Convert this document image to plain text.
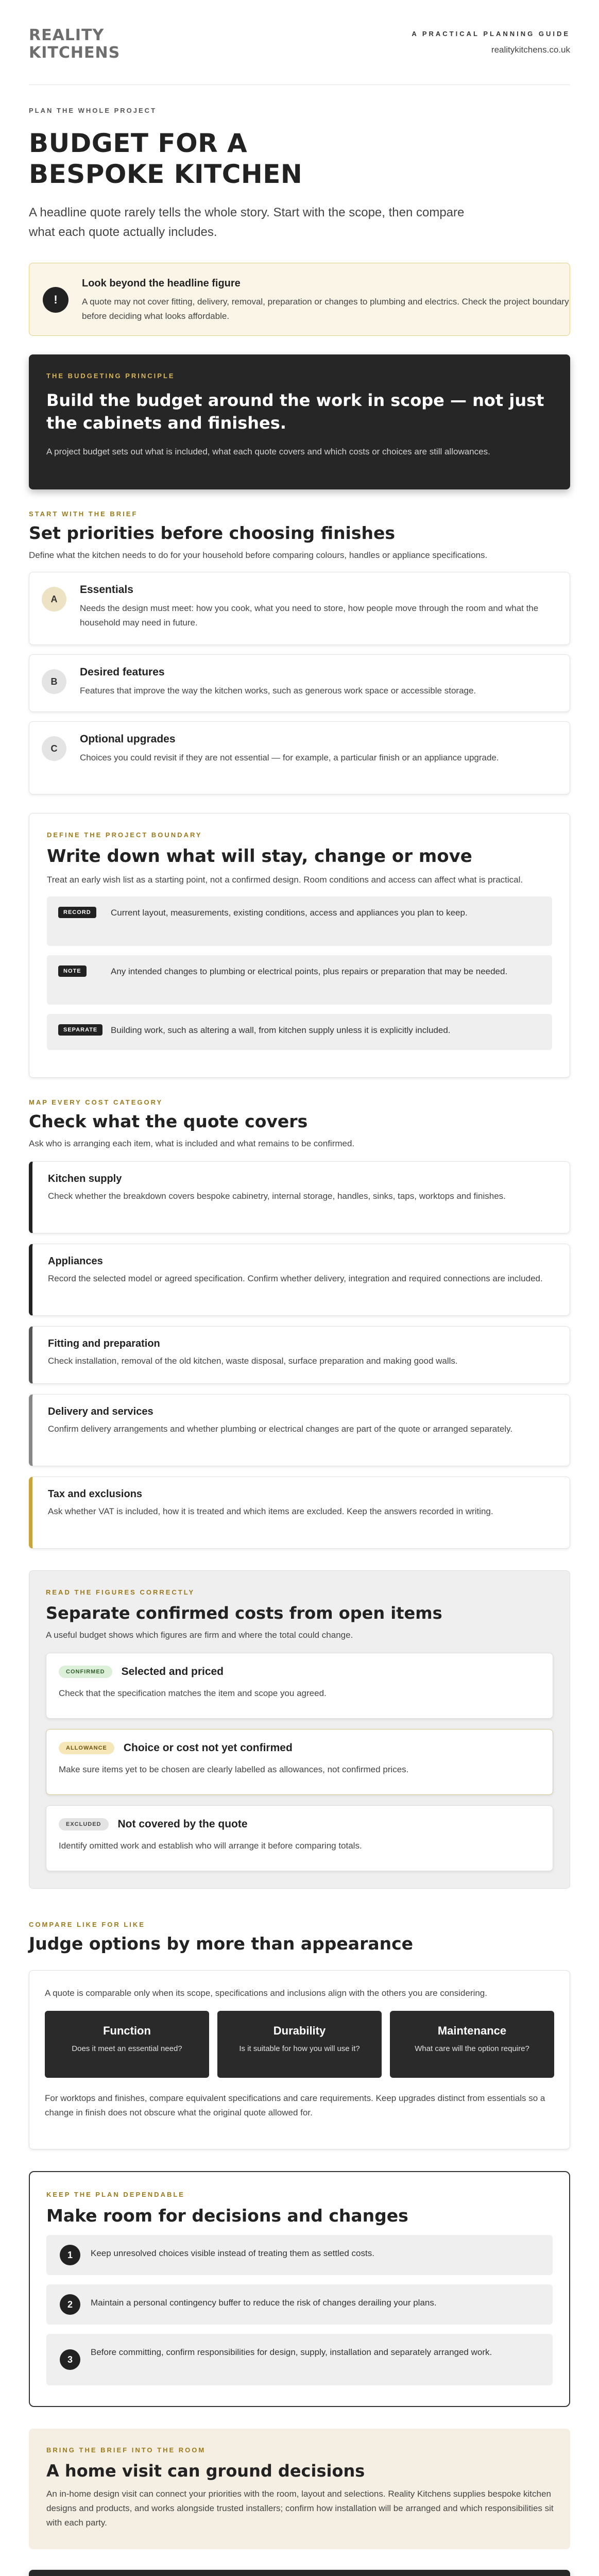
REALITY
KITCHENS
A PRACTICAL PLANNING GUIDE
realitykitchens.co.uk
PLAN THE WHOLE PROJECT
BUDGET FOR A
BESPOKE KITCHEN

A headline quote rarely tells the whole story. Start with the scope, then compare what each quote actually includes.

!
Look beyond the headline figure

A quote may not cover fitting, delivery, removal, preparation or changes to plumbing and electrics. Check the project boundary before deciding what looks affordable.

THE BUDGETING PRINCIPLE
Build the budget around the work in scope — not just the cabinets and finishes.

A project budget sets out what is included, what each quote covers and which costs or choices are still allowances.

START WITH THE BRIEF
Set priorities before choosing finishes

Define what the kitchen needs to do for your household before comparing colours, handles or appliance specifications.

A
Essentials

Needs the design must meet: how you cook, what you need to store, how people move through the room and what the household may need in future.

B
Desired features

Features that improve the way the kitchen works, such as generous work space or accessible storage.

C
Optional upgrades

Choices you could revisit if they are not essential — for example, a particular finish or an appliance upgrade.

DEFINE THE PROJECT BOUNDARY
Write down what will stay, change or move

Treat an early wish list as a starting point, not a confirmed design. Room conditions and access can affect what is practical.

RECORD	Current layout, measurements, existing conditions, access and appliances you plan to keep.

NOTE	Any intended changes to plumbing or electrical points, plus repairs or preparation that may be needed.

SEPARATE	Building work, such as altering a wall, from kitchen supply unless it is explicitly included.

MAP EVERY COST CATEGORY
Check what the quote covers

Ask who is arranging each item, what is included and what remains to be confirmed.

Kitchen supply

Check whether the breakdown covers bespoke cabinetry, internal storage, handles, sinks, taps, worktops and finishes.

Appliances

Record the selected model or agreed specification. Confirm whether delivery, integration and required connections are included.

Fitting and preparation

Check installation, removal of the old kitchen, waste disposal, surface preparation and making good walls.

Delivery and services

Confirm delivery arrangements and whether plumbing or electrical changes are part of the quote or arranged separately.

Tax and exclusions

Ask whether VAT is included, how it is treated and which items are excluded. Keep the answers recorded in writing.

READ THE FIGURES CORRECTLY
Separate confirmed costs from open items

A useful budget shows which figures are firm and where the total could change.

CONFIRMED	Selected and priced

Check that the specification matches the item and scope you agreed.

ALLOWANCE	Choice or cost not yet confirmed

Make sure items yet to be chosen are clearly labelled as allowances, not confirmed prices.

EXCLUDED	Not covered by the quote

Identify omitted work and establish who will arrange it before comparing totals.

COMPARE LIKE FOR LIKE
Judge options by more than appearance

A quote is comparable only when its scope, specifications and inclusions align with the others you are considering.

Function

Does it meet an essential need?

Durability

Is it suitable for how you will use it?

Maintenance

What care will the option require?

For worktops and finishes, compare equivalent specifications and care requirements. Keep upgrades distinct from essentials so a change in finish does not obscure what the original quote allowed for.

KEEP THE PLAN DEPENDABLE
Make room for decisions and changes
1	Keep unresolved choices visible instead of treating them as settled costs.

2	Maintain a personal contingency buffer to reduce the risk of changes derailing your plans.

3

Before committing, confirm responsibilities for design, supply, installation and separately arranged work.

BRING THE BRIEF INTO THE ROOM
A home visit can ground decisions

An in-home design visit can connect your priorities with the room, layout and selections. Reality Kitchens supplies bespoke kitchen designs and products, and works alongside trusted installers; confirm how installation will be arranged and which responsibilities sit with each party.
